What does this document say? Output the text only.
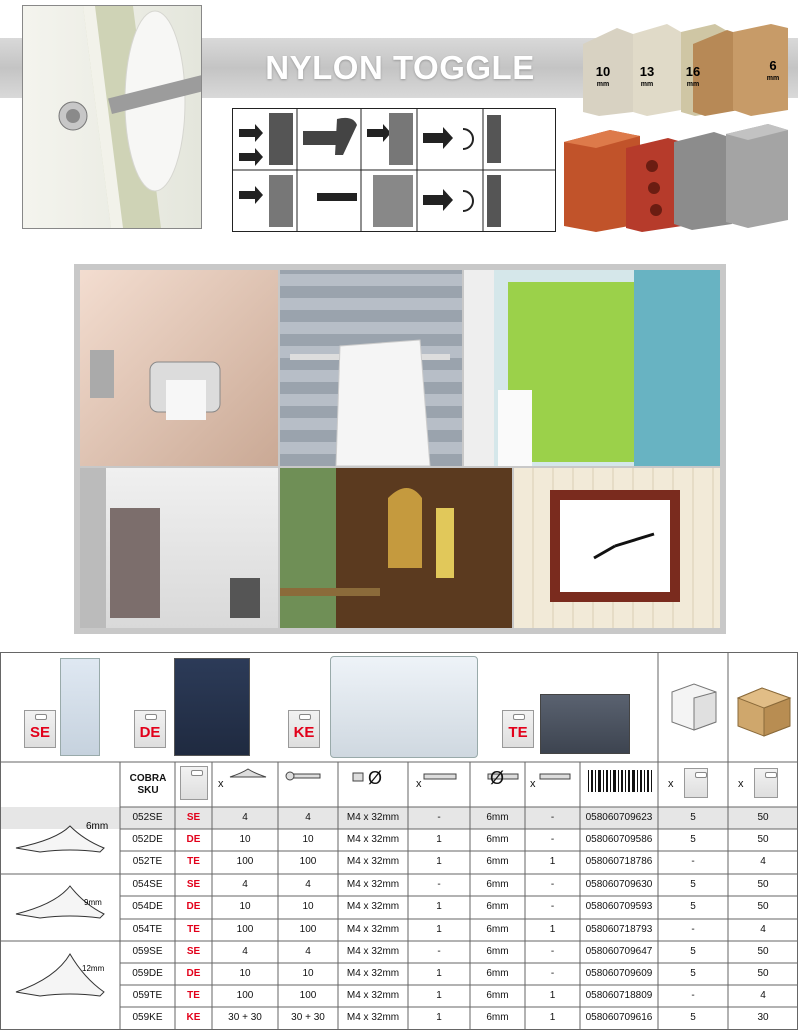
NYLON TOGGLE	10
mm
13
mm
16
mm
6
mm
6mm
9mm
12mm
SE	DE	KE	TE
COBRA SKU
x	x	x	x	x
Ø	Ø
052SE	SE	4	4	M4 x 32mm	-	6mm	-	058060709623	5	50
052DE	DE	10	10	M4 x 32mm	1	6mm	-	058060709586	5	50
052TE	TE	100	100	M4 x 32mm	1	6mm	1	058060718786	-	4
054SE	SE	4	4	M4 x 32mm	-	6mm	-	058060709630	5	50
054DE	DE	10	10	M4 x 32mm	1	6mm	-	058060709593	5	50
054TE	TE	100	100	M4 x 32mm	1	6mm	1	058060718793	-	4
059SE	SE	4	4	M4 x 32mm	-	6mm	-	058060709647	5	50
059DE	DE	10	10	M4 x 32mm	1	6mm	-	058060709609	5	50
059TE	TE	100	100	M4 x 32mm	1	6mm	1	058060718809	-	4
059KE	KE	30 + 30	30 + 30	M4 x 32mm	1	6mm	1	058060709616	5	30
